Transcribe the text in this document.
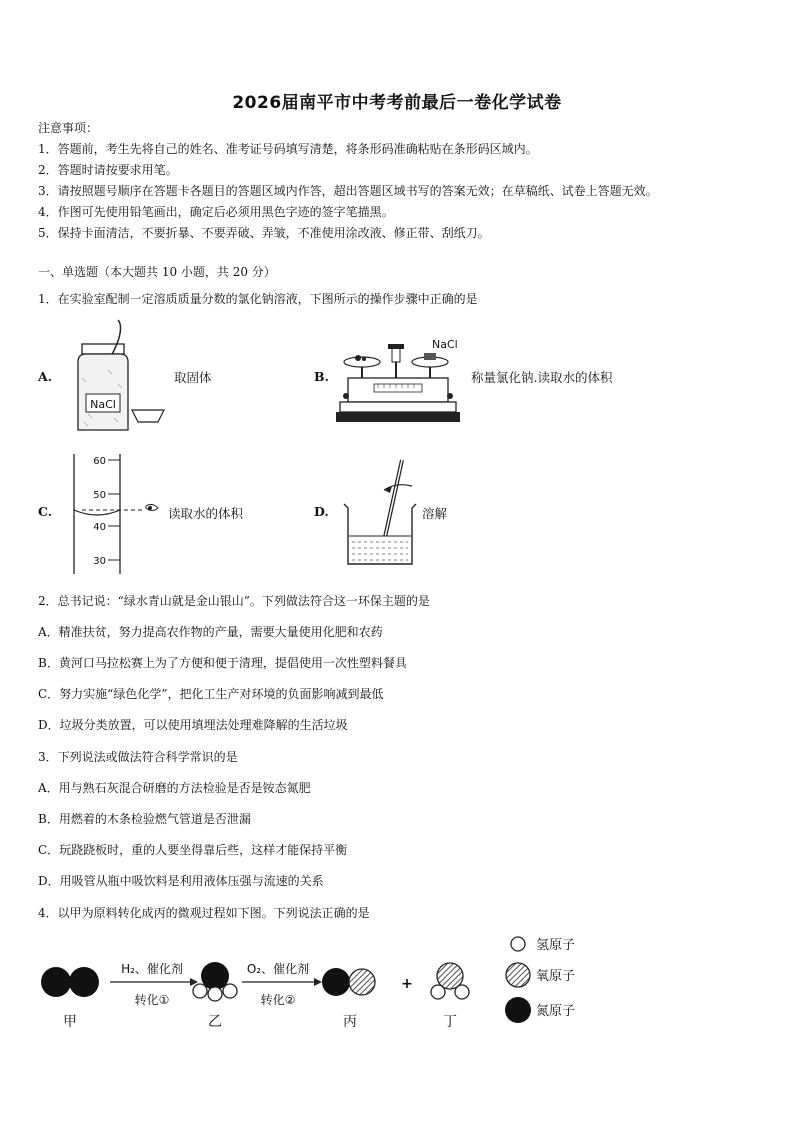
2026届南平市中考考前最后一卷化学试卷
注意事项：
1．答题前，考生先将自己的姓名、准考证号码填写清楚，将条形码准确粘贴在条形码区域内。
2．答题时请按要求用笔。
3．请按照题号顺序在答题卡各题目的答题区域内作答，超出答题区域书写的答案无效；在草稿纸、试卷上答题无效。
4．作图可先使用铅笔画出，确定后必须用黑色字迹的签字笔描黑。
5．保持卡面清洁，不要折暴、不要弄破、弄皱，不准使用涂改液、修正带、刮纸刀。
一、单选题（本大题共 10 小题，共 20 分）
1．在实验室配制一定溶质质量分数的氯化钠溶液，下图所示的操作步骤中正确的是
A.
NaCl
取固体	B.
NaCl
称量氯化钠.读取水的体积
C.
60
50
40
30
读取水的体积	D.	溶解
2．总书记说：“绿水青山就是金山银山”。下列做法符合这一环保主题的是
A．精准扶贫，努力提高农作物的产量，需要大量使用化肥和农药
B．黄河口马拉松赛上为了方便和便于清理，提倡使用一次性塑料餐具
C．努力实施“绿色化学”，把化工生产对环境的负面影响减到最低
D．垃圾分类放置，可以使用填埋法处理难降解的生活垃圾
3．下列说法或做法符合科学常识的是
A．用与熟石灰混合研磨的方法检验是否是铵态氮肥
B．用燃着的木条检验燃气管道是否泄漏
C．玩跷跷板时，重的人要坐得靠后些，这样才能保持平衡
D．用吸管从瓶中吸饮料是利用液体压强与流速的关系
4．以甲为原料转化成丙的微观过程如下图。下列说法正确的是
甲
H₂、催化剂
转化①
乙
O₂、催化剂
转化②
丙
+
丁
氢原子
氧原子
氮原子
